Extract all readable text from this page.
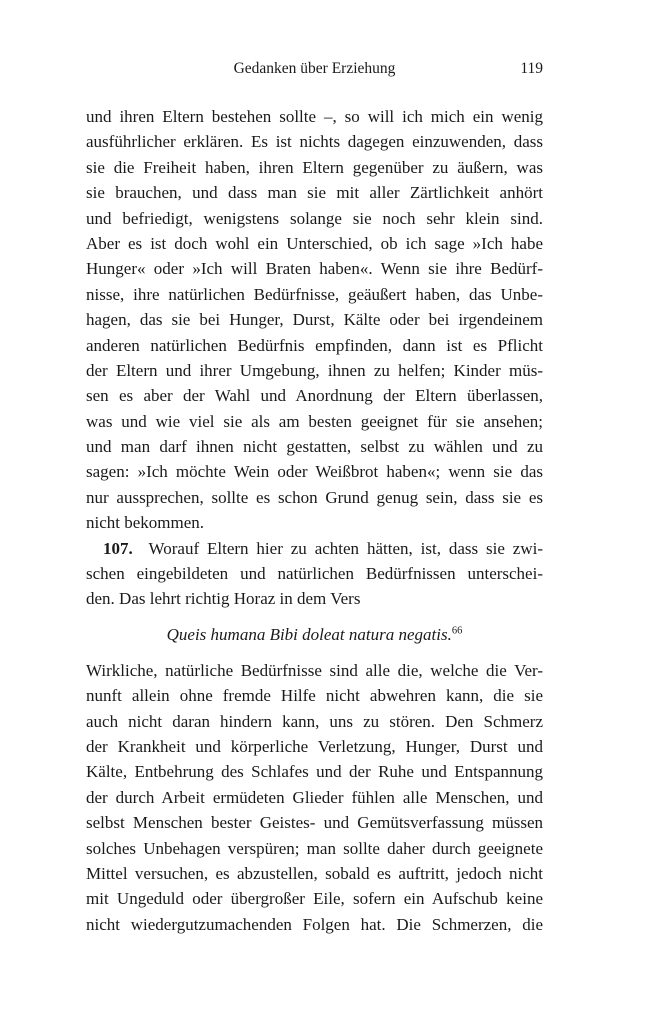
Gedanken über Erziehung	119
und ihren Eltern bestehen sollte –, so will ich mich ein wenig
ausführlicher erklären. Es ist nichts dagegen einzuwenden, dass
sie die Freiheit haben, ihren Eltern gegenüber zu äußern, was
sie brauchen, und dass man sie mit aller Zärtlichkeit anhört
und befriedigt, wenigstens solange sie noch sehr klein sind.
Aber es ist doch wohl ein Unterschied, ob ich sage »Ich habe
Hunger« oder »Ich will Braten haben«. Wenn sie ihre Bedürf-
nisse, ihre natürlichen Bedürfnisse, geäußert haben, das Unbe-
hagen, das sie bei Hunger, Durst, Kälte oder bei irgendeinem
anderen natürlichen Bedürfnis empfinden, dann ist es Pflicht
der Eltern und ihrer Umgebung, ihnen zu helfen; Kinder müs-
sen es aber der Wahl und Anordnung der Eltern überlassen,
was und wie viel sie als am besten geeignet für sie ansehen;
und man darf ihnen nicht gestatten, selbst zu wählen und zu
sagen: »Ich möchte Wein oder Weißbrot haben«; wenn sie das
nur aussprechen, sollte es schon Grund genug sein, dass sie es
nicht bekommen.
107. Worauf Eltern hier zu achten hätten, ist, dass sie zwi-
schen eingebildeten und natürlichen Bedürfnissen unterschei-
den. Das lehrt richtig Horaz in dem Vers
Queis humana Bibi doleat natura negatis.$^{66}$
Wirkliche, natürliche Bedürfnisse sind alle die, welche die Ver-
nunft allein ohne fremde Hilfe nicht abwehren kann, die sie
auch nicht daran hindern kann, uns zu stören. Den Schmerz
der Krankheit und körperliche Verletzung, Hunger, Durst und
Kälte, Entbehrung des Schlafes und der Ruhe und Entspannung
der durch Arbeit ermüdeten Glieder fühlen alle Menschen, und
selbst Menschen bester Geistes- und Gemütsverfassung müssen
solches Unbehagen verspüren; man sollte daher durch geeignete
Mittel versuchen, es abzustellen, sobald es auftritt, jedoch nicht
mit Ungeduld oder übergroßer Eile, sofern ein Aufschub keine
nicht wiedergutzumachenden Folgen hat. Die Schmerzen, die
